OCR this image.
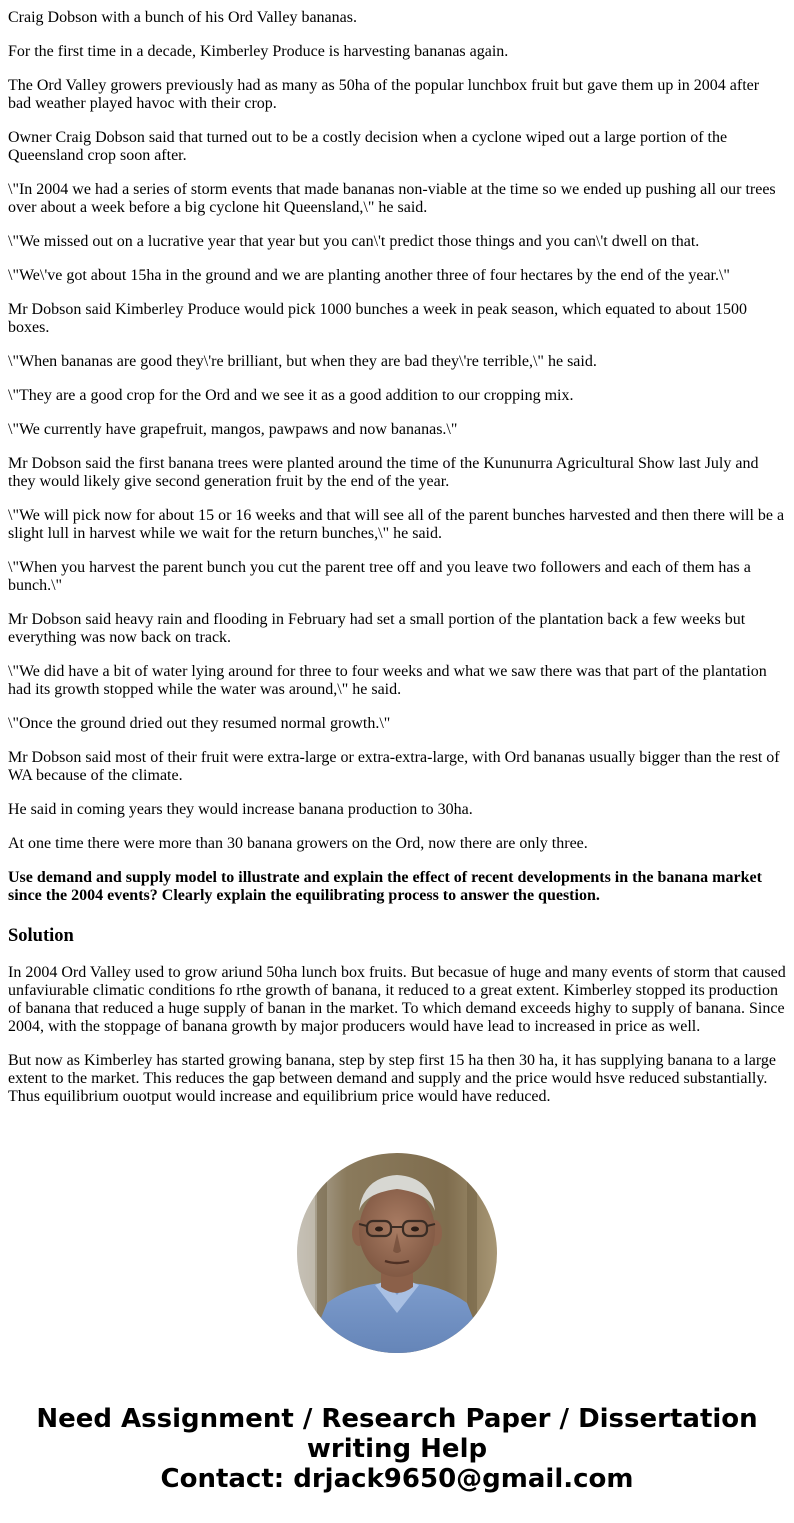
Craig Dobson with a bunch of his Ord Valley bananas.

For the first time in a decade, Kimberley Produce is harvesting bananas again.

The Ord Valley growers previously had as many as 50ha of the popular lunchbox fruit but gave them up in 2004 after bad weather played havoc with their crop.

Owner Craig Dobson said that turned out to be a costly decision when a cyclone wiped out a large portion of the Queensland crop soon after.

\"In 2004 we had a series of storm events that made bananas non-viable at the time so we ended up pushing all our trees over about a week before a big cyclone hit Queensland,\" he said.

\"We missed out on a lucrative year that year but you can\'t predict those things and you can\'t dwell on that.

\"We\'ve got about 15ha in the ground and we are planting another three of four hectares by the end of the year.\"

Mr Dobson said Kimberley Produce would pick 1000 bunches a week in peak season, which equated to about 1500 boxes.

\"When bananas are good they\'re brilliant, but when they are bad they\'re terrible,\" he said.

\"They are a good crop for the Ord and we see it as a good addition to our cropping mix.

\"We currently have grapefruit, mangos, pawpaws and now bananas.\"

Mr Dobson said the first banana trees were planted around the time of the Kununurra Agricultural Show last July and they would likely give second generation fruit by the end of the year.

\"We will pick now for about 15 or 16 weeks and that will see all of the parent bunches harvested and then there will be a slight lull in harvest while we wait for the return bunches,\" he said.

\"When you harvest the parent bunch you cut the parent tree off and you leave two followers and each of them has a bunch.\"

Mr Dobson said heavy rain and flooding in February had set a small portion of the plantation back a few weeks but everything was now back on track.

\"We did have a bit of water lying around for three to four weeks and what we saw there was that part of the plantation had its growth stopped while the water was around,\" he said.

\"Once the ground dried out they resumed normal growth.\"

Mr Dobson said most of their fruit were extra-large or extra-extra-large, with Ord bananas usually bigger than the rest of WA because of the climate.

He said in coming years they would increase banana production to 30ha.

At one time there were more than 30 banana growers on the Ord, now there are only three.

Use demand and supply model to illustrate and explain the effect of recent developments in the banana market since the 2004 events? Clearly explain the equilibrating process to answer the question.

Solution

In 2004 Ord Valley used to grow ariund 50ha lunch box fruits. But becasue of huge and many events of storm that caused unfaviurable climatic conditions fo rthe growth of banana, it reduced to a great extent. Kimberley stopped its production of banana that reduced a huge supply of banan in the market. To which demand exceeds highy to supply of banana. Since 2004, with the stoppage of banana growth by major producers would have lead to increased in price as well.

But now as Kimberley has started growing banana, step by step first 15 ha then 30 ha, it has supplying banana to a large extent to the market. This reduces the gap between demand and supply and the price would hsve reduced substantially. Thus equilibrium ouotput would increase and equilibrium price would have reduced.

Need Assignment / Research Paper / Dissertation

writing Help

Contact: drjack9650@gmail.com
